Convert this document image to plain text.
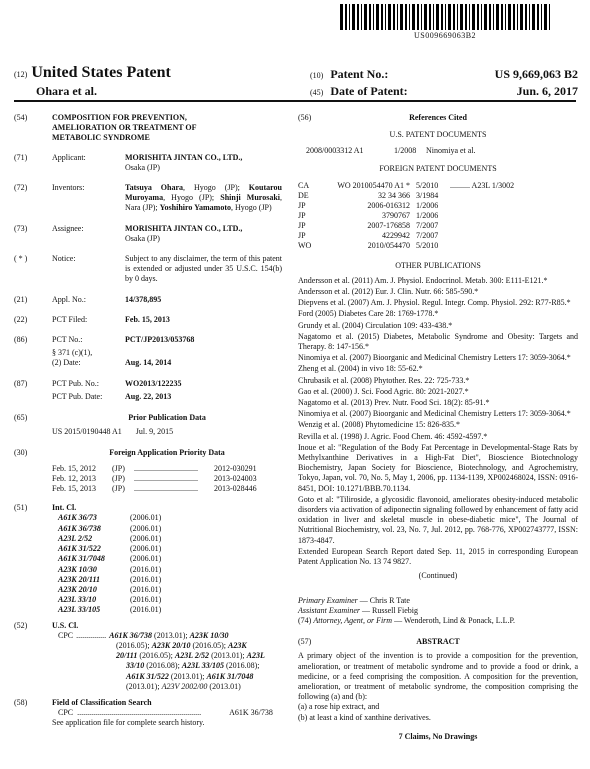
US009669063B2
(12) United States Patent
Ohara et al.
(10) Patent No.:	US 9,669,063 B2
(45) Date of Patent:	Jun. 6, 2017
(54)	COMPOSITION FOR PREVENTION,
AMELIORATION OR TREATMENT OF
METABOLIC SYNDROME
(71)	Applicant:	MORISHITA JINTAN CO., LTD.,
Osaka (JP)
(72)	Inventors:	Tatsuya Ohara, Hyogo (JP); Koutarou Muroyama, Hyogo (JP); Shinji Murosaki, Nara (JP); Yoshihiro Yamamoto, Hyogo (JP)
(73)	Assignee:	MORISHITA JINTAN CO., LTD.,
Osaka (JP)
( * )	Notice:	Subject to any disclaimer, the term of this patent is extended or adjusted under 35 U.S.C. 154(b) by 0 days.
(21)	Appl. No.:	14/378,895
(22)	PCT Filed:	Feb. 15, 2013
(86)	PCT No.:	PCT/JP2013/053768
§ 371 (c)(1),
(2) Date:	Aug. 14, 2014
(87)	PCT Pub. No.:	WO2013/122235
PCT Pub. Date:	Aug. 22, 2013
(65)	Prior Publication Data
US 2015/0190448 A1 Jul. 9, 2015
(30)	Foreign Application Priority Data
Feb. 15, 2012	(JP)	................................	2012-030291
Feb. 12, 2013	(JP)	................................	2013-024003
Feb. 15, 2013	(JP)	................................	2013-028446
(51)	Int. Cl.
A61K 36/73	(2006.01)
A61K 36/738	(2006.01)
A23L 2/52	(2006.01)
A61K 31/522	(2006.01)
A61K 31/7048	(2006.01)
A23K 10/30	(2016.01)
A23K 20/111	(2016.01)
A23K 20/10	(2016.01)
A23L 33/10	(2016.01)
A23L 33/105	(2016.01)
(52)	U.S. Cl.
CPC ............... A61K 36/738 (2013.01); A23K 10/30
(2016.05); A23K 20/10 (2016.05); A23K
20/111 (2016.05); A23L 2/52 (2013.01); A23L
33/10 (2016.08); A23L 33/105 (2016.08);
A61K 31/522 (2013.01); A61K 31/7048
(2013.01); A23V 2002/00 (2013.01)
(58)	Field of Classification Search
CPC ..............................................................	A61K 36/738
See application file for complete search history.
(56)	References Cited
U.S. PATENT DOCUMENTS
2008/0003312 A1	1/2008	Ninomiya et al.
FOREIGN PATENT DOCUMENTS
CA	WO 2010054470 A1 *	5/2010	.......... A23L 1/3002
DE	32 34 366	3/1984	
JP	2006-016312	1/2006	
JP	3790767	1/2006	
JP	2007-176858	7/2007	
JP	4229942	7/2007	
WO	2010/054470	5/2010	
OTHER PUBLICATIONS
Andersson et al. (2011) Am. J. Physiol. Endocrinol. Metab. 300: E111-E121.*
Andersson et al. (2012) Eur. J. Clin. Nutr. 66: 585-590.*
Diepvens et al. (2007) Am. J. Physiol. Regul. Integr. Comp. Physiol. 292: R77-R85.*
Ford (2005) Diabetes Care 28: 1769-1778.*
Grundy et al. (2004) Circulation 109: 433-438.*
Nagatomo et al. (2015) Diabetes, Metabolic Syndrome and Obesity: Targets and Therapy. 8: 147-156.*
Ninomiya et al. (2007) Bioorganic and Medicinal Chemistry Letters 17: 3059-3064.*
Zheng et al. (2004) in vivo 18: 55-62.*
Chrubasik et al. (2008) Phytother. Res. 22: 725-733.*
Gao et al. (2000) J. Sci. Food Agric. 80: 2021-2027.*
Nagatomo et al. (2013) Prev. Nutr. Food Sci. 18(2): 85-91.*
Ninomiya et al. (2007) Bioorganic and Medicinal Chemistry Letters 17: 3059-3064.*
Wenzig et al. (2008) Phytomedicine 15: 826-835.*
Revilla et al. (1998) J. Agric. Food Chem. 46: 4592-4597.*
Inoue et al: "Regulation of the Body Fat Percentage in Developmental-Stage Rats by Methylxanthine Derivatives in a High-Fat Diet", Bioscience Biotechnology Biochemistry, Japan Society for Bioscience, Biotechnology, and Agrochemistry, Tokyo, Japan, vol. 70, No. 5, May 1, 2006, pp. 1134-1139, XP002468024, ISSN: 0916-8451, DOI: 10.1271/BBB.70.1134.
Goto et al: "Tiliroside, a glycosidic flavonoid, ameliorates obesity-induced metabolic disorders via activation of adiponectin signaling followed by enhancement of fatty acid oxidation in liver and skeletal muscle in obese-diabetic mice", The Journal of Nutritional Biochemistry, vol. 23, No. 7, Jul. 2012, pp. 768-776, XP002743777, ISSN: 1873-4847.
Extended European Search Report dated Sep. 11, 2015 in corresponding European Patent Application No. 13 74 9827.
(Continued)
Primary Examiner — Chris R Tate
Assistant Examiner — Russell Fiebig
(74) Attorney, Agent, or Firm — Wenderoth, Lind & Ponack, L.L.P.
(57)	ABSTRACT
A primary object of the invention is to provide a composition for the prevention, amelioration, or treatment of metabolic syndrome and to provide a food or drink, a medicine, or a feed comprising the composition. A composition for the prevention, amelioration, or treatment of metabolic syndrome, the composition comprising the following (a) and (b):
(a) a rose hip extract, and
(b) at least a kind of xanthine derivatives.
7 Claims, No Drawings
